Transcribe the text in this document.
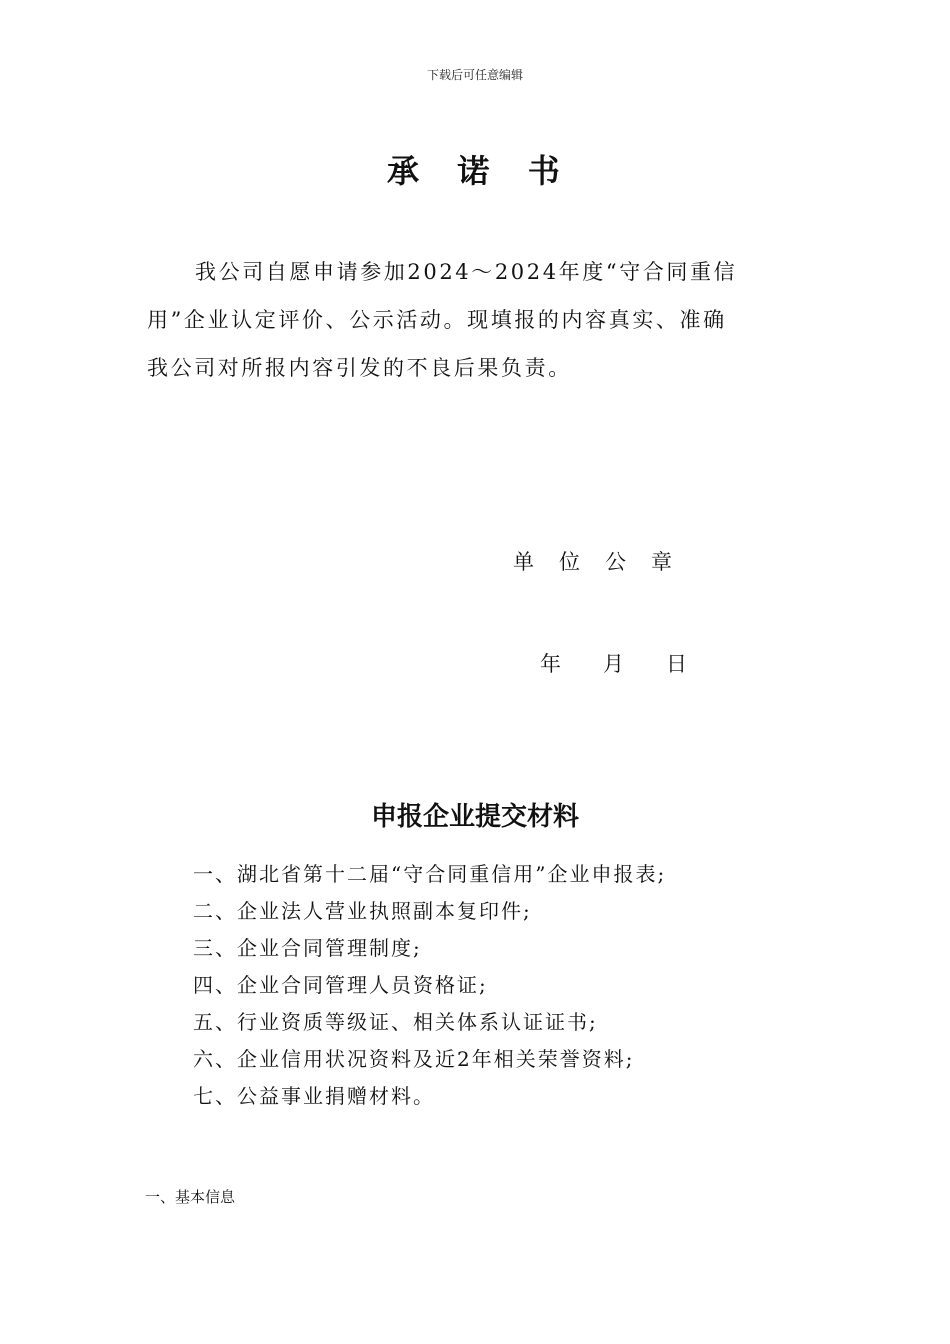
下载后可任意编辑
承　诺　书
我公司自愿申请参加2024～2024年度“守合同重信
用”企业认定评价、公示活动。现填报的内容真实、准确
我公司对所报内容引发的不良后果负责。
单　位　公　章
年　　月　　日
申报企业提交材料
一、湖北省第十二届“守合同重信用”企业申报表;
二、企业法人营业执照副本复印件;
三、企业合同管理制度;
四、企业合同管理人员资格证;
五、行业资质等级证、相关体系认证证书;
六、企业信用状况资料及近2年相关荣誉资料;
七、公益事业捐赠材料。
一、基本信息
